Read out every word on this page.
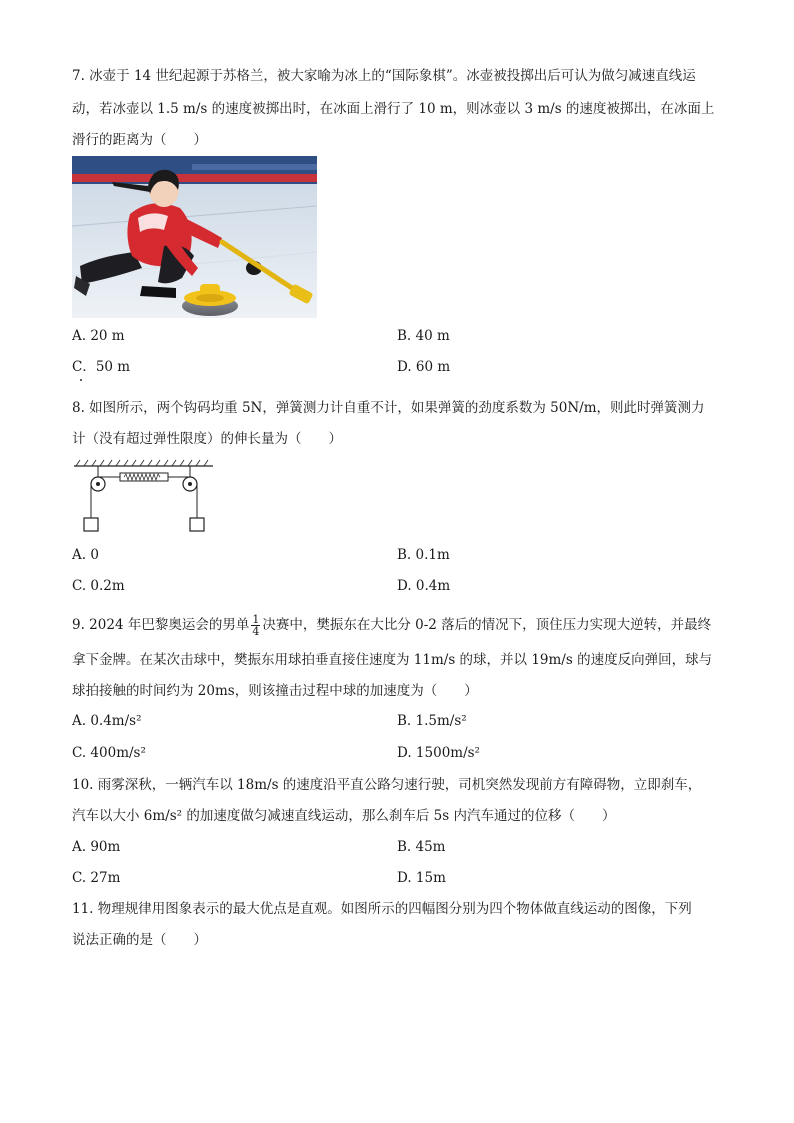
7. 冰壶于 14 世纪起源于苏格兰，被大家喻为冰上的“国际象棋”。冰壶被投掷出后可认为做匀减速直线运
动，若冰壶以 1.5 m/s 的速度被掷出时，在冰面上滑行了 10 m，则冰壶以 3 m/s 的速度被掷出，在冰面上
滑行的距离为（　　）
A. 20 m	B. 40 m
C．50 m	D. 60 m
8. 如图所示，两个钩码均重 5N，弹簧测力计自重不计，如果弹簧的劲度系数为 50N/m，则此时弹簧测力
计（没有超过弹性限度）的伸长量为（　　）
A. 0	B. 0.1m
C. 0.2m	D. 0.4m
9. 2024 年巴黎奥运会的男单 $\frac{1}{4}$ 决赛中，樊振东在大比分 0-2 落后的情况下，顶住压力实现大逆转，并最终
拿下金牌。在某次击球中，樊振东用球拍垂直接住速度为 11m/s 的球，并以 19m/s 的速度反向弹回，球与
球拍接触的时间约为 20ms，则该撞击过程中球的加速度为（　　）
A. 0.4m/s²	B. 1.5m/s²
C. 400m/s²	D. 1500m/s²
10. 雨雾深秋，一辆汽车以 18m/s 的速度沿平直公路匀速行驶，司机突然发现前方有障碍物，立即刹车，
汽车以大小 6m/s² 的加速度做匀减速直线运动，那么刹车后 5s 内汽车通过的位移（　　）
A. 90m	B. 45m
C. 27m	D. 15m
11. 物理规律用图象表示的最大优点是直观。如图所示的四幅图分别为四个物体做直线运动的图像，下列
说法正确的是（　　）
